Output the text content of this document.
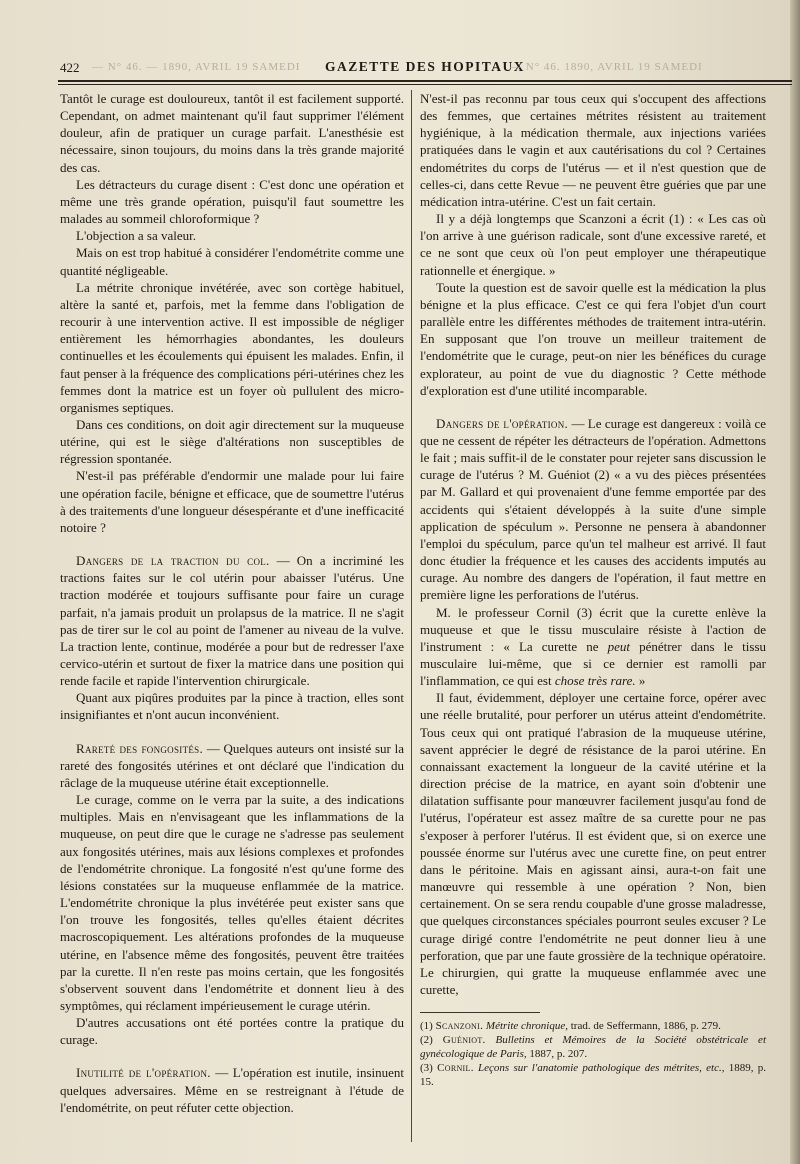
422 — N° 46. — 1890, AVRIL 19 SAMEDI	GAZETTE DES HOPITAUX
— N° 46. 1890, AVRIL 19 SAMEDI

Tantôt le curage est douloureux, tantôt il est facilement supporté. Cependant, on admet maintenant qu'il faut supprimer l'élément douleur, afin de pratiquer un curage parfait. L'anesthésie est nécessaire, sinon toujours, du moins dans la très grande majorité des cas.

Les détracteurs du curage disent : C'est donc une opération et même une très grande opération, puisqu'il faut soumettre les malades au sommeil chloroformique ?

L'objection a sa valeur.

Mais on est trop habitué à considérer l'endométrite comme une quantité négligeable.

La métrite chronique invétérée, avec son cortège habituel, altère la santé et, parfois, met la femme dans l'obligation de recourir à une intervention active. Il est impossible de négliger entièrement les hémorrhagies abondantes, les douleurs continuelles et les écoulements qui épuisent les malades. Enfin, il faut penser à la fréquence des complications péri-utérines chez les femmes dont la matrice est un foyer où pullulent des micro-organismes septiques.

Dans ces conditions, on doit agir directement sur la muqueuse utérine, qui est le siège d'altérations non susceptibles de régression spontanée.

N'est-il pas préférable d'endormir une malade pour lui faire une opération facile, bénigne et efficace, que de soumettre l'utérus à des traitements d'une longueur désespérante et d'une inefficacité notoire ?

Dangers de la traction du col. — On a incriminé les tractions faites sur le col utérin pour abaisser l'utérus. Une traction modérée et toujours suffisante pour faire un curage parfait, n'a jamais produit un prolapsus de la matrice. Il ne s'agit pas de tirer sur le col au point de l'amener au niveau de la vulve. La traction lente, continue, modérée a pour but de redresser l'axe cervico-utérin et surtout de fixer la matrice dans une position qui rende facile et rapide l'intervention chirurgicale.

Quant aux piqûres produites par la pince à traction, elles sont insignifiantes et n'ont aucun inconvénient.

Rareté des fongosités. — Quelques auteurs ont insisté sur la rareté des fongosités utérines et ont déclaré que l'indication du râclage de la muqueuse utérine était exceptionnelle.

Le curage, comme on le verra par la suite, a des indications multiples. Mais en n'envisageant que les inflammations de la muqueuse, on peut dire que le curage ne s'adresse pas seulement aux fongosités utérines, mais aux lésions complexes et profondes de l'endométrite chronique. La fongosité n'est qu'une forme des lésions constatées sur la muqueuse enflammée de la matrice. L'endométrite chronique la plus invétérée peut exister sans que l'on trouve les fongosités, telles qu'elles étaient décrites macroscopiquement. Les altérations profondes de la muqueuse utérine, en l'absence même des fongosités, peuvent être traitées par la curette. Il n'en reste pas moins certain, que les fongosités s'observent souvent dans l'endométrite et donnent lieu à des symptômes, qui réclament impérieusement le curage utérin.

D'autres accusations ont été portées contre la pratique du curage.

Inutilité de l'opération. — L'opération est inutile, insinuent quelques adversaires. Même en se restreignant à l'étude de l'endométrite, on peut réfuter cette objection.

N'est-il pas reconnu par tous ceux qui s'occupent des affections des femmes, que certaines métrites résistent au traitement hygiénique, à la médication thermale, aux injections variées pratiquées dans le vagin et aux cautérisations du col ? Certaines endométrites du corps de l'utérus — et il n'est question que de celles-ci, dans cette Revue — ne peuvent être guéries que par une médication intra-utérine. C'est un fait certain.

Il y a déjà longtemps que Scanzoni a écrit (1) : « Les cas où l'on arrive à une guérison radicale, sont d'une excessive rareté, et ce ne sont que ceux où l'on peut employer une thérapeutique rationnelle et énergique. »

Toute la question est de savoir quelle est la médication la plus bénigne et la plus efficace. C'est ce qui fera l'objet d'un court parallèle entre les différentes méthodes de traitement intra-utérin. En supposant que l'on trouve un meilleur traitement de l'endométrite que le curage, peut-on nier les bénéfices du curage explorateur, au point de vue du diagnostic ? Cette méthode d'exploration est d'une utilité incomparable.

Dangers de l'opération. — Le curage est dangereux : voilà ce que ne cessent de répéter les détracteurs de l'opération. Admettons le fait ; mais suffit-il de le constater pour rejeter sans discussion le curage de l'utérus ? M. Guéniot (2) « a vu des pièces présentées par M. Gallard et qui provenaient d'une femme emportée par des accidents qui s'étaient développés à la suite d'une simple application de spéculum ». Personne ne pensera à abandonner l'emploi du spéculum, parce qu'un tel malheur est arrivé. Il faut donc étudier la fréquence et les causes des accidents imputés au curage. Au nombre des dangers de l'opération, il faut mettre en première ligne les perforations de l'utérus.

M. le professeur Cornil (3) écrit que la curette enlève la muqueuse et que le tissu musculaire résiste à l'action de l'instrument : « La curette ne peut pénétrer dans le tissu musculaire lui-même, que si ce dernier est ramolli par l'inflammation, ce qui est chose très rare. »

Il faut, évidemment, déployer une certaine force, opérer avec une réelle brutalité, pour perforer un utérus atteint d'endométrite. Tous ceux qui ont pratiqué l'abrasion de la muqueuse utérine, savent apprécier le degré de résistance de la paroi utérine. En connaissant exactement la longueur de la cavité utérine et la direction précise de la matrice, en ayant soin d'obtenir une dilatation suffisante pour manœuvrer facilement jusqu'au fond de l'utérus, l'opérateur est assez maître de sa curette pour ne pas s'exposer à perforer l'utérus. Il est évident que, si on exerce une poussée énorme sur l'utérus avec une curette fine, on peut entrer dans le péritoine. Mais en agissant ainsi, aura-t-on fait une manœuvre qui ressemble à une opération ? Non, bien certainement. On se sera rendu coupable d'une grosse maladresse, que quelques circonstances spéciales pourront seules excuser ? Le curage dirigé contre l'endométrite ne peut donner lieu à une perforation, que par une faute grossière de la technique opératoire. Le chirurgien, qui gratte la muqueuse enflammée avec une curette,

(1) Scanzoni. Métrite chronique, trad. de Seffermann, 1886, p. 279.

(2) Guéniot. Bulletins et Mémoires de la Société obstétricale et gynécologique de Paris, 1887, p. 207.

(3) Cornil. Leçons sur l'anatomie pathologique des métrites, etc., 1889, p. 15.
